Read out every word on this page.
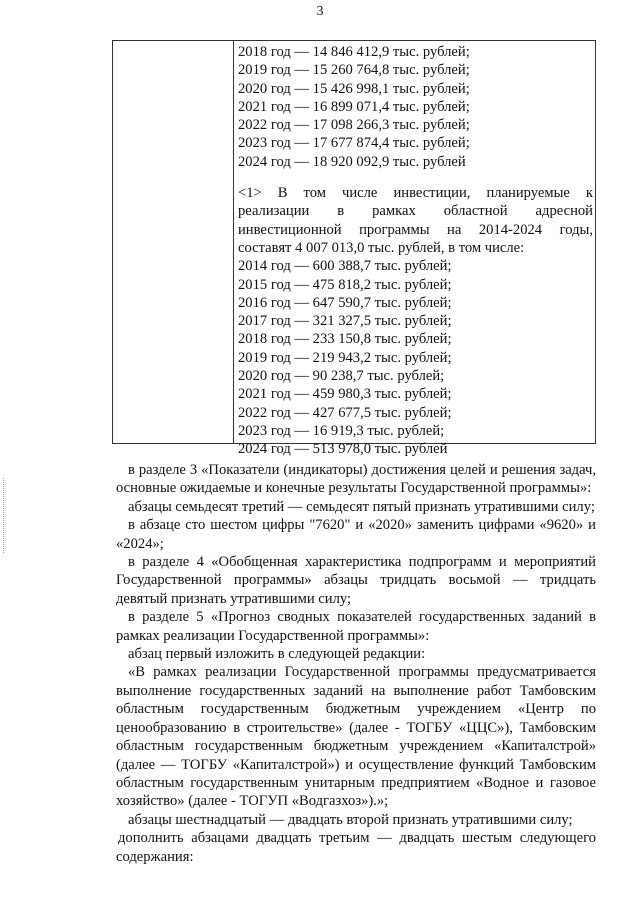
3
2018 год — 14 846 412,9 тыс. рублей;
2019 год — 15 260 764,8 тыс. рублей;
2020 год — 15 426 998,1 тыс. рублей;
2021 год — 16 899 071,4 тыс. рублей;
2022 год — 17 098 266,3 тыс. рублей;
2023 год — 17 677 874,4 тыс. рублей;
2024 год — 18 920 092,9 тыс. рублей

<1> В том числе инвестиции, планируемые к реализации в рамках областной адресной инвестиционной программы на 2014-2024 годы, составят 4 007 013,0 тыс. рублей, в том числе:

2014 год — 600 388,7 тыс. рублей;
2015 год — 475 818,2 тыс. рублей;
2016 год — 647 590,7 тыс. рублей;
2017 год — 321 327,5 тыс. рублей;
2018 год — 233 150,8 тыс. рублей;
2019 год — 219 943,2 тыс. рублей;
2020 год — 90 238,7 тыс. рублей;
2021 год — 459 980,3 тыс. рублей;
2022 год — 427 677,5 тыс. рублей;
2023 год — 16 919,3 тыс. рублей;
2024 год — 513 978,0 тыс. рублей

в разделе 3 «Показатели (индикаторы) достижения целей и решения задач, основные ожидаемые и конечные результаты Государственной программы»:

абзацы семьдесят третий — семьдесят пятый признать утратившими силу;

в абзаце сто шестом цифры "7620" и «2020» заменить цифрами «9620» и «2024»;

в разделе 4 «Обобщенная характеристика подпрограмм и мероприятий Государственной программы» абзацы тридцать восьмой — тридцать девятый признать утратившими силу;

в разделе 5 «Прогноз сводных показателей государственных заданий в рамках реализации Государственной программы»:

абзац первый изложить в следующей редакции:

«В рамках реализации Государственной программы предусматривается выполнение государственных заданий на выполнение работ Тамбовским областным государственным бюджетным учреждением «Центр по ценообразованию в строительстве» (далее - ТОГБУ «ЦЦС»), Тамбовским областным государственным бюджетным учреждением «Капиталстрой» (далее — ТОГБУ «Капиталстрой») и осуществление функций Тамбовским областным государственным унитарным предприятием «Водное и газовое хозяйство» (далее - ТОГУП «Водгазхоз»).»;

абзацы шестнадцатый — двадцать второй признать утратившими силу;

дополнить абзацами двадцать третьим — двадцать шестым следующего содержания:
